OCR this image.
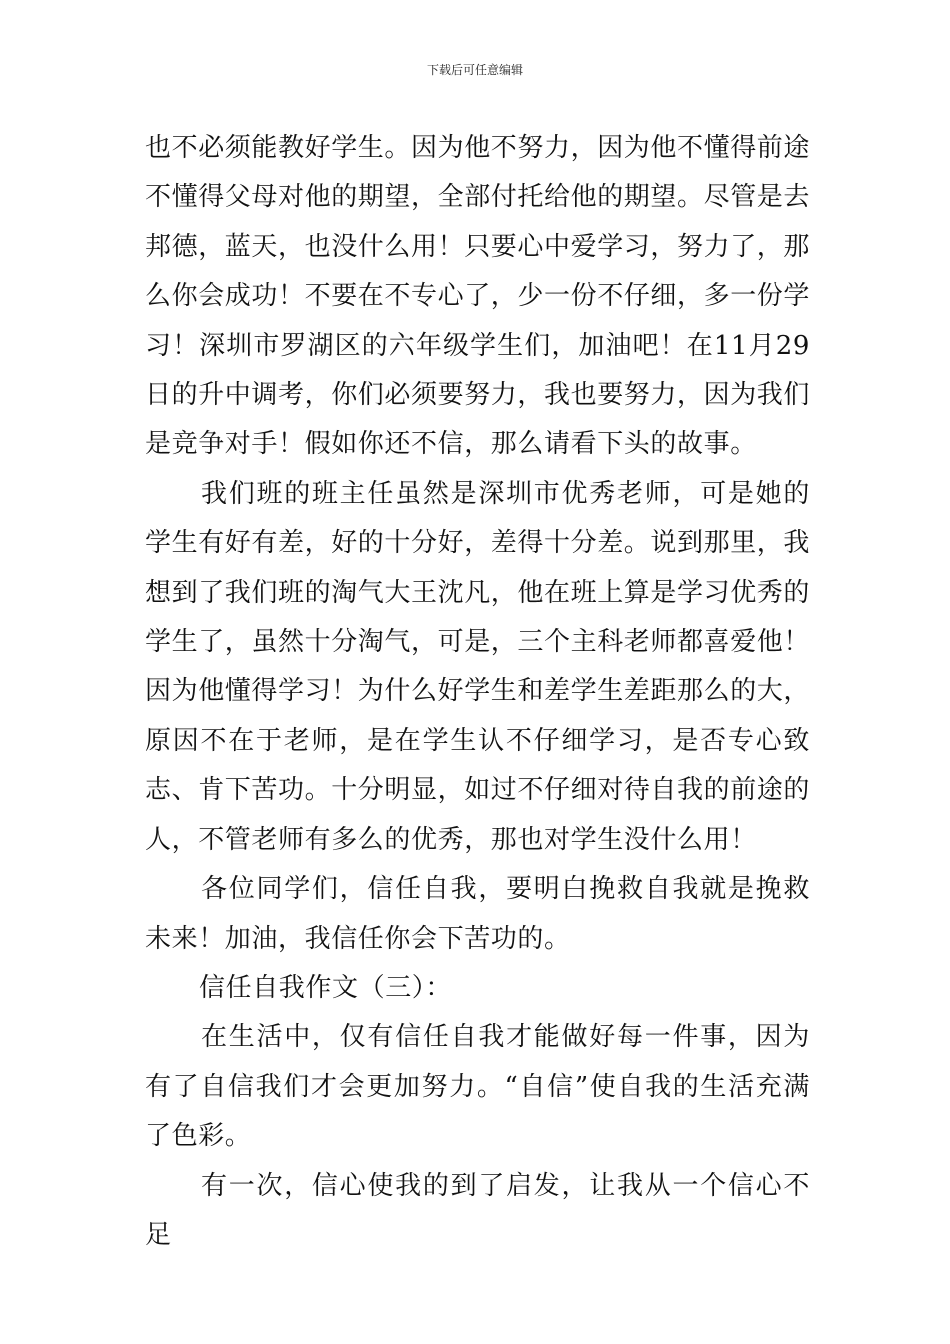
下载后可任意编辑

也不必须能教好学生。因为他不努力，因为他不懂得前途不懂得父母对他的期望，全部付托给他的期望。尽管是去邦德，蓝天，也没什么用！只要心中爱学习，努力了，那么你会成功！不要在不专心了，少一份不仔细，多一份学习！深圳市罗湖区的六年级学生们，加油吧！在11月29日的升中调考，你们必须要努力，我也要努力，因为我们是竞争对手！假如你还不信，那么请看下头的故事。

我们班的班主任虽然是深圳市优秀老师，可是她的学生有好有差，好的十分好，差得十分差。说到那里，我想到了我们班的淘气大王沈凡，他在班上算是学习优秀的学生了，虽然十分淘气，可是，三个主科老师都喜爱他！因为他懂得学习！为什么好学生和差学生差距那么的大，原因不在于老师，是在学生认不仔细学习，是否专心致志、肯下苦功。十分明显，如过不仔细对待自我的前途的人，不管老师有多么的优秀，那也对学生没什么用！

各位同学们，信任自我，要明白挽救自我就是挽救未来！加油，我信任你会下苦功的。

信任自我作文（三）：

在生活中，仅有信任自我才能做好每一件事，因为有了自信我们才会更加努力。“自信”使自我的生活充满了色彩。

有一次，信心使我的到了启发，让我从一个信心不足
